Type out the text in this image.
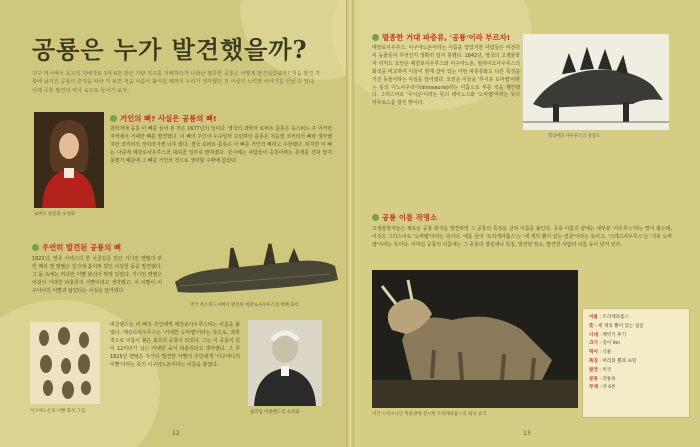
공룡은 누가 발견했을까?

지구 역사에서 초고의 지배자로 1억 6천 만년 가량 지구를 지배하다가 나타난 멸종한 공룡은 어떻게 발견되었을까? 처음 발견 기록에 남겨진 공룡의 흔적을 따라 가 보면 처음 이름이 붙여질 때까지 우리가 생각했던 것 이상의 노력과 이야기를 만날 수 있다. 이제 공룡 발견의 역사 속으로 들어가 보자.

로버트 플롯과 초상화
거인의 뼈? 사실은 공룡의 뼈!

과학자에 공룡 이 뼈를 들어 본 것은 1677년의 일이다. 영국의 과학자 로버트 플롯은 옥스퍼드 주 어거먼 지역에서 거대한 뼈를 발견했다. 이 뼈의 주인이 누구일까 고민하던 플롯은 처음엔 코끼리의 뼈라 생각했지만 코끼리의 것이라기엔 너무 컸다. 결국 로버트 플롯은 이 뼈를 거인의 뼈라고 주장했다. 하지만 이 뼈는 나중에 메갈로사우루스의 대퇴골 일부로 밝혀졌다. 당시에는 사람들이 공룡이라는 존재를 전혀 알지 못했기 때문에 그 뼈를 거인의 것으로 생각할 수밖에 없었다.

우연히 발견된 공룡의 뼈

1822년, 영국 서섹스의 한 시골길을 걷던 기디언 맨텔의 부인 메리 앤 맨텔은 길가에 흩어져 있던 이상한 돌을 발견했다. 그 돌 속에는 커다란 이빨 화석이 박혀 있었다. 기디언 맨텔은 이것이 거대한 파충류의 이빨이라고 생각했고, 이 이빨이 이구아나의 이빨과 닮았다는 사실을 알아냈다.

영국 옥스퍼드셔에서 발견된 메갈로사우루스의 턱뼈 화석
이구아노돈의 이빨 화석 그림

버클랜드는 이 뼈의 주인에게 메갈로사우루스라는 이름을 붙였다. 메갈로사우루스는 '거대한 도마뱀'이라는 뜻으로, 과학적으로 이름이 붙은 최초의 공룡이 되었다. 그는 이 공룡이 길이 12미터가 넘는 거대한 육식 파충류라고 생각했다. 그 후 1825년 맨텔은 자신이 발견한 이빨의 주인에게 '이구아나의 이빨'이라는 뜻의 이구아노돈이라는 이름을 붙였다.

윌리엄 버클랜드의 초상화
12
멸종한 거대 파충류, '공룡'이라 부르자!

메갈로사우루스, 이구아노돈이라는 이름을 얻었지만 사람들은 여전히 이 동물들이 무엇인지 정확히 알지 못했다. 1842년, 영국의 고생물학자 리처드 오언은 메갈로사우루스와 이구아노돈, 힐라이오사우루스의 화석을 비교하여 이들이 현재 살아 있는 어떤 파충류와도 다른 특징을 가진 동물이라는 사실을 알아냈다. 오언은 이들을 '무서운 도마뱀'이라는 뜻의 디노사우리아(dinosauria)라는 이름으로 부를 것을 제안했다. 그리스어로 '무서운'이라는 뜻의 데이노스와 '도마뱀'이라는 뜻의 사우로스를 합친 말이다.

힐라에오사우루스의 상상도
공룡 이름 작명소

고생물학자들은 새로운 공룡 화석을 발견하면 그 공룡의 특징을 살려 이름을 붙인다. 공룡 이름의 끝에는 대부분 '사우루스'라는 말이 붙는데, 이것은 그리스어로 '도마뱀'이라는 뜻이다. 예를 들어 '트리케라톱스'는 '세 개의 뿔이 있는 얼굴'이라는 뜻이고, '스테고사우루스'는 '지붕 도마뱀'이라는 뜻이다. 이처럼 공룡의 이름에는 그 공룡의 생김새나 특징, 발견된 장소, 발견한 사람의 이름 등이 담겨 있다.

미국 스미소니언 박물관에 전시된 트리케라톱스의 화석 골격
이름 : 트리케라톱스
뜻 : 세 개의 뿔이 있는 얼굴
시대 : 백악기 후기
크기 : 길이 9m
먹이 : 식물
특징 : 머리의 뿔과 프릴
발견 : 미국
분류 : 각룡류
무게 : 약 6톤
13
